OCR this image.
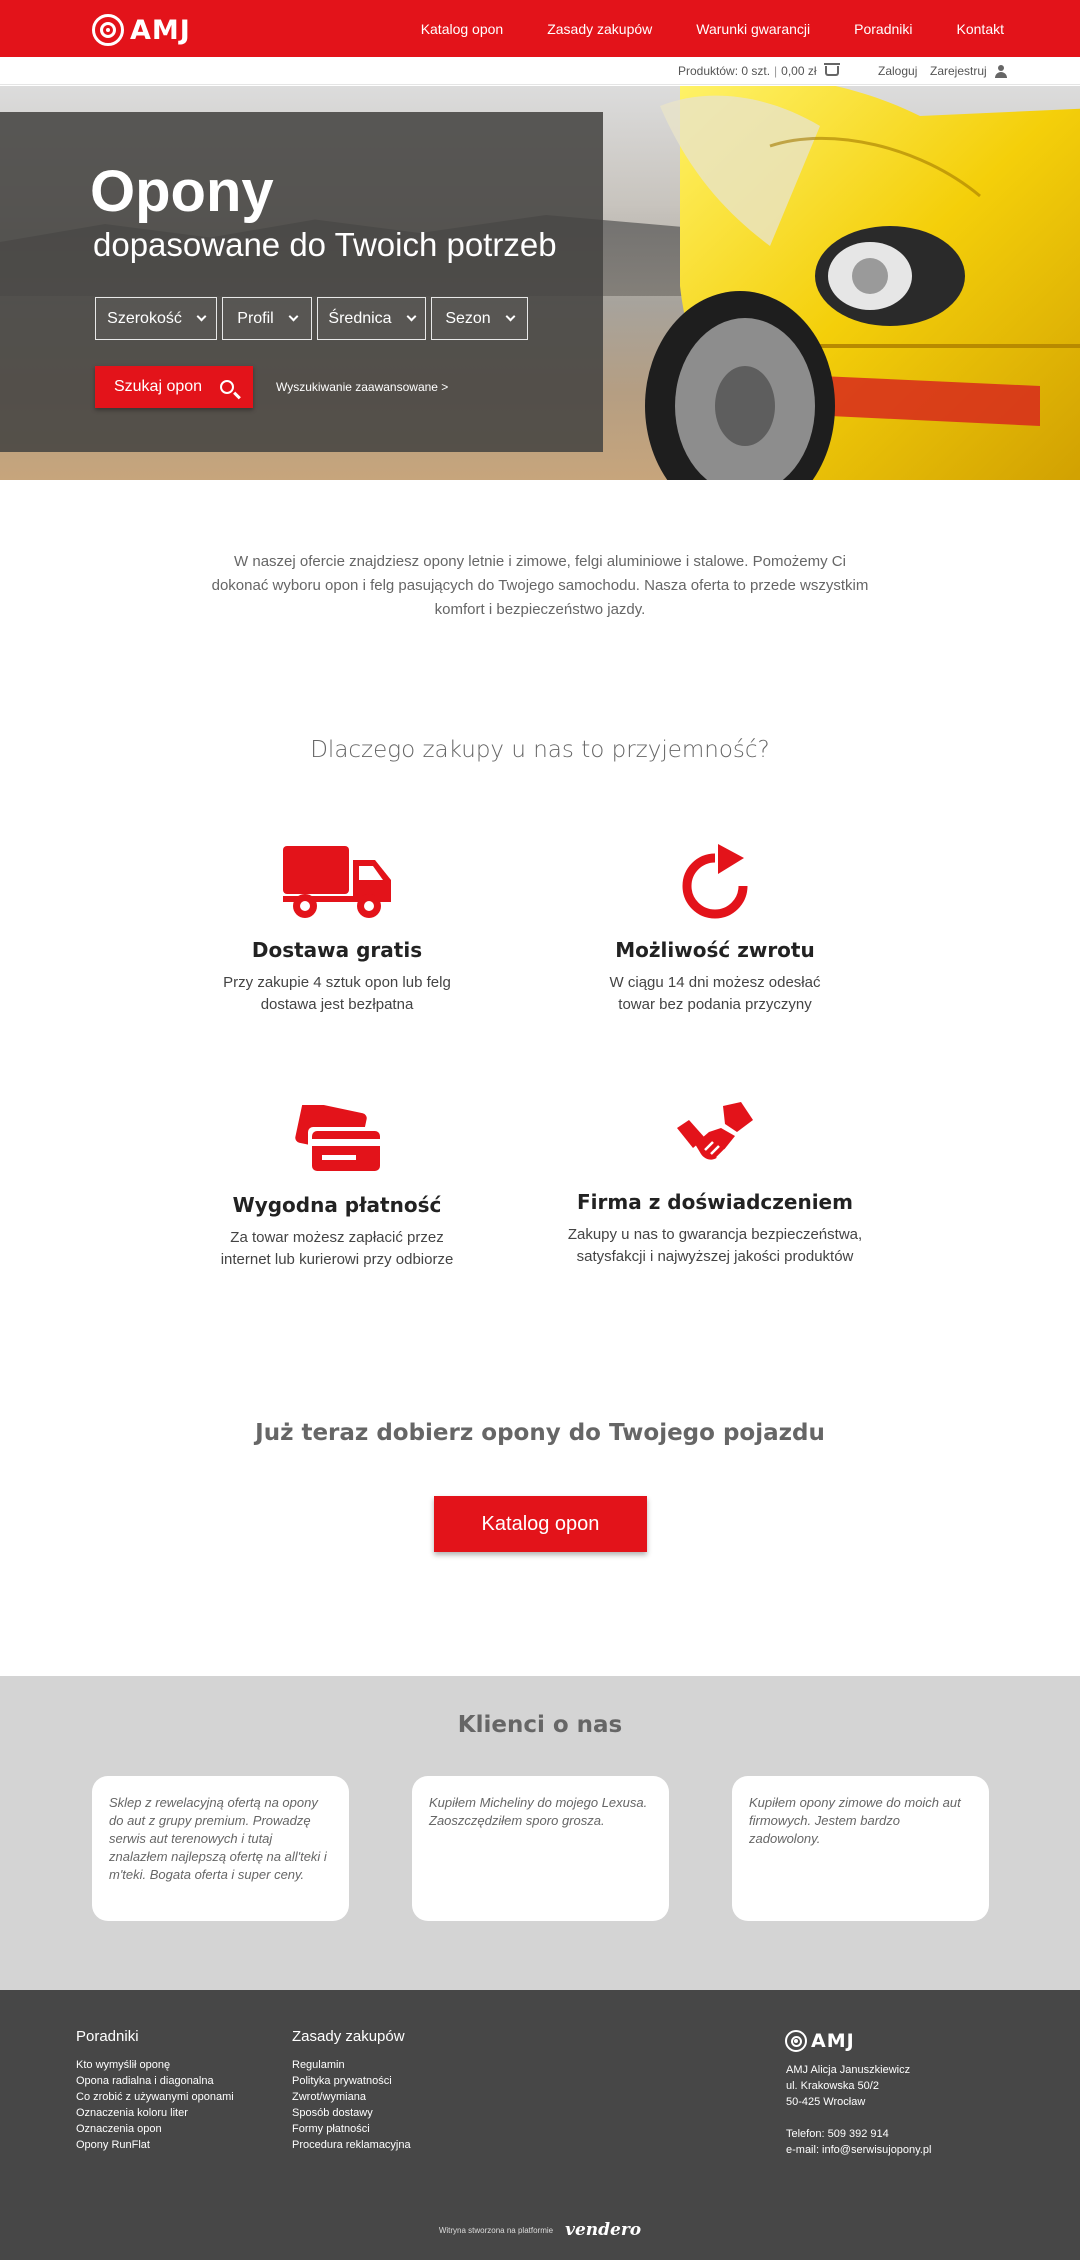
AMJ	Katalog opon	Zasady zakupów	Warunki gwarancji	Poradniki	Kontakt
Produktów: 0 szt. | 0,00 zł	Zaloguj Zarejestruj
Opony
dopasowane do Twoich potrzeb
Szerokość	Profil	Średnica	Sezon
Szukaj opon	Wyszukiwanie zaawansowane >

W naszej ofercie znajdziesz opony letnie i zimowe, felgi aluminiowe i stalowe. Pomożemy Ci dokonać wyboru opon i felg pasujących do Twojego samochodu. Nasza oferta to przede wszystkim komfort i bezpieczeństwo jazdy.

Dlaczego zakupy u nas to przyjemność?
Dostawa gratis

Przy zakupie 4 sztuk opon lub felg dostawa jest bezłpatna

Możliwość zwrotu

W ciągu 14 dni możesz odesłać towar bez podania przyczyny

Wygodna płatność

Za towar możesz zapłacić przez internet lub kurierowi przy odbiorze

Firma z doświadczeniem

Zakupy u nas to gwarancja bezpieczeństwa, satysfakcji i najwyższej jakości produktów

Już teraz dobierz opony do Twojego pojazdu
Katalog opon
Klienci o nas

Sklep z rewelacyjną ofertą na opony do aut z grupy premium. Prowadzę serwis aut terenowych i tutaj znalazłem najlepszą ofertę na all'teki i m'teki. Bogata oferta i super ceny.

Kupiłem Micheliny do mojego Lexusa. Zaoszczędziłem sporo grosza.

Kupiłem opony zimowe do moich aut firmowych. Jestem bardzo zadowolony.

Poradniki
Kto wymyślił oponę
Opona radialna i diagonalna
Co zrobić z używanymi oponami
Oznaczenia koloru liter
Oznaczenia opon
Opony RunFlat
Zasady zakupów
Regulamin
Polityka prywatności
Zwrot/wymiana
Sposób dostawy
Formy płatności
Procedura reklamacyjna
AMJ
AMJ Alicja Januszkiewicz
ul. Krakowska 50/2
50-425 Wrocław
Telefon: 509 392 914
e-mail: info@serwisujopony.pl
Witryna stworzona na platformie vendero
